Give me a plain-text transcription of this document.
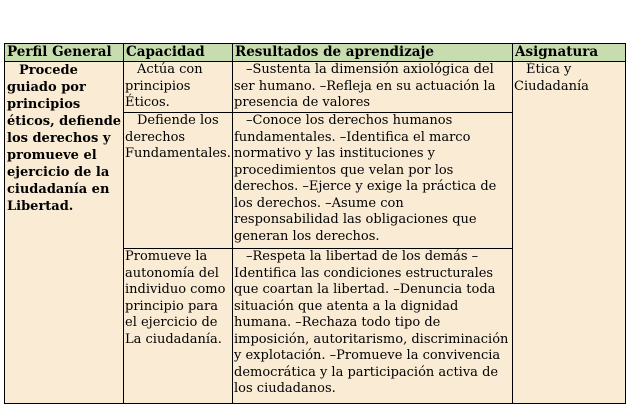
Perfil General	Capacidad	Resultados de aprendizaje	Asignatura
Procede guiado por principios éticos, defiende los derechos y promueve el ejercicio de la ciudadanía en Libertad.	Actúa con principios Éticos.	–Sustenta la dimensión axiológica del ser humano. –Refleja en su actuación la presencia de valores	Ética y Ciudadanía
	Defiende los derechos Fundamentales.	–Conoce los derechos humanos fundamentales. –Identifica el marco normativo y las instituciones y procedimientos que velan por los derechos. –Ejerce y exige la práctica de los derechos. –Asume con responsabilidad las obligaciones que generan los derechos.	
	Promueve la autonomía del individuo como principio para el ejercicio de La ciudadanía.	–Respeta la libertad de los demás –Identifica las condiciones estructurales que coartan la libertad. –Denuncia toda situación que atenta a la dignidad humana. –Rechaza todo tipo de imposición, autoritarismo, discriminación y explotación. –Promueve la convivencia democrática y la participación activa de los ciudadanos.	
